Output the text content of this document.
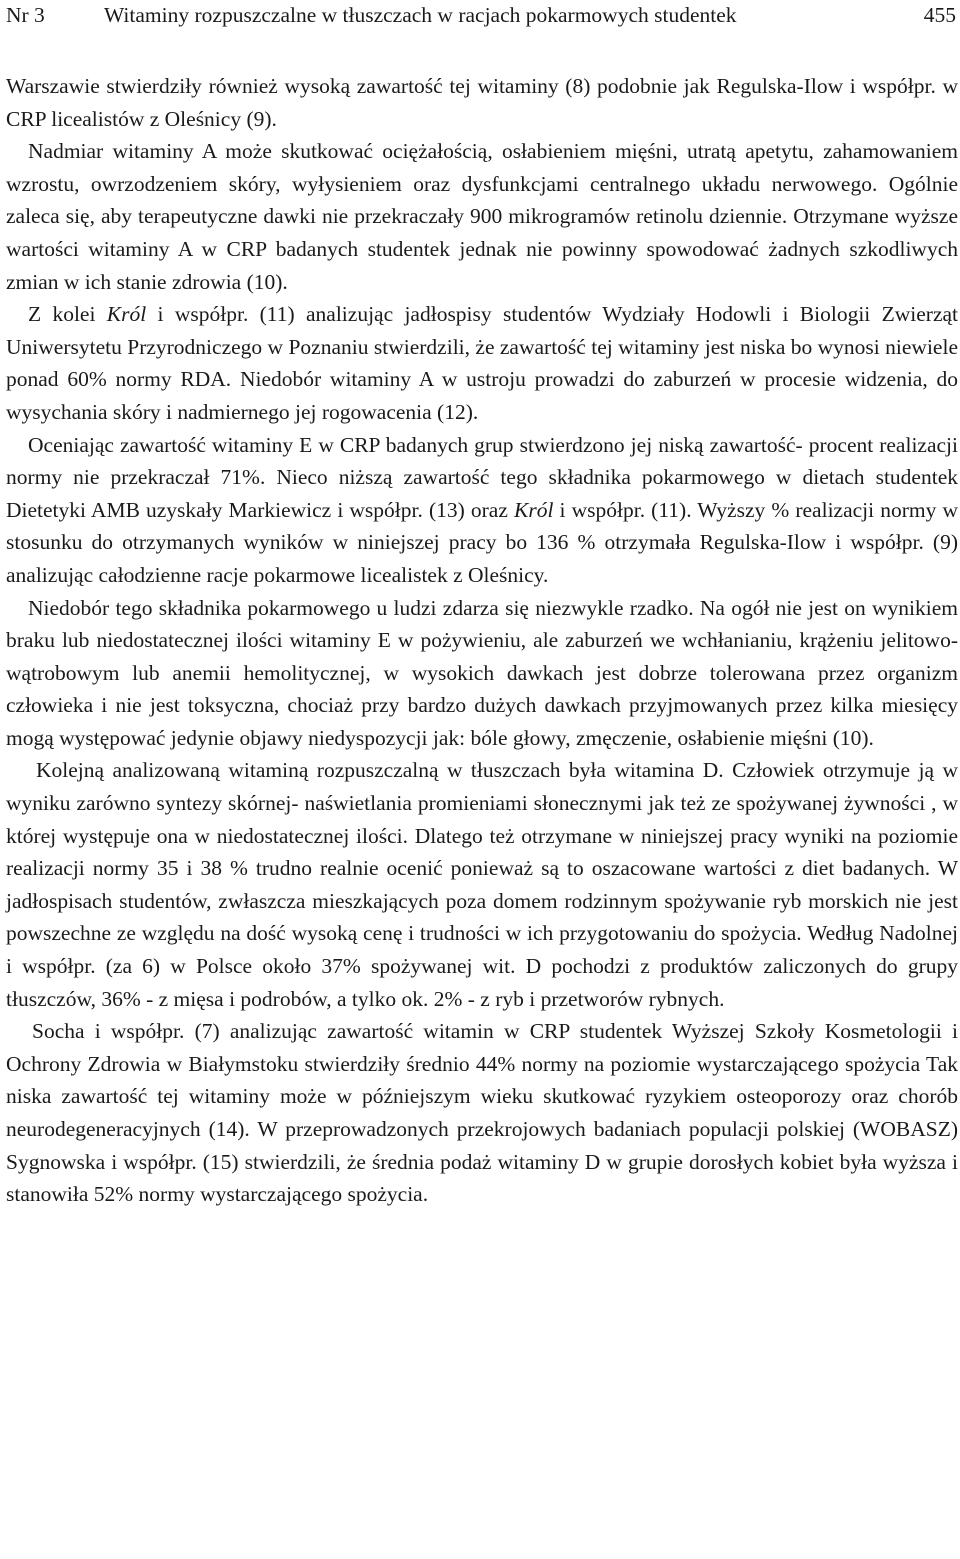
Nr 3	Witaminy rozpuszczalne w tłuszczach w racjach pokarmowych studentek	455

Warszawie stwierdziły również wysoką zawartość tej witaminy (8) podobnie jak Regulska-Ilow i współpr. w CRP licealistów z Oleśnicy (9).

Nadmiar witaminy A może skutkować ociężałością, osłabieniem mięśni, utratą apetytu, zahamowaniem wzrostu, owrzodzeniem skóry, wyłysieniem oraz dysfunkcjami centralnego układu nerwowego. Ogólnie zaleca się, aby terapeutyczne dawki nie przekraczały 900 mikrogramów retinolu dziennie. Otrzymane wyższe wartości witaminy A w CRP badanych studentek jednak nie powinny spowodować żadnych szkodliwych zmian w ich stanie zdrowia (10).

Z kolei Król i współpr. (11) analizując jadłospisy studentów Wydziały Hodowli i Biologii Zwierząt Uniwersytetu Przyrodniczego w Poznaniu stwierdzili, że zawartość tej witaminy jest niska bo wynosi niewiele ponad 60% normy RDA. Niedobór witaminy A w ustroju prowadzi do zaburzeń w procesie widzenia, do wysychania skóry i nadmiernego jej rogowacenia (12).

Oceniając zawartość witaminy E w CRP badanych grup stwierdzono jej niską zawartość- procent realizacji normy nie przekraczał 71%. Nieco niższą zawartość tego składnika pokarmowego w dietach studentek Dietetyki AMB uzyskały Markiewicz i współpr. (13) oraz Król i współpr. (11). Wyższy % realizacji normy w stosunku do otrzymanych wyników w niniejszej pracy bo 136 % otrzymała Regulska-Ilow i współpr. (9) analizując całodzienne racje pokarmowe licealistek z Oleśnicy.

Niedobór tego składnika pokarmowego u ludzi zdarza się niezwykle rzadko. Na ogół nie jest on wynikiem braku lub niedostatecznej ilości witaminy E w pożywieniu, ale zaburzeń we wchłanianiu, krążeniu jelitowo-wątrobowym lub anemii hemolitycznej, w wysokich dawkach jest dobrze tolerowana przez organizm człowieka i nie jest toksyczna, chociaż przy bardzo dużych dawkach przyjmowanych przez kilka miesięcy mogą występować jedynie objawy niedyspozycji jak: bóle głowy, zmęczenie, osłabienie mięśni (10).

Kolejną analizowaną witaminą rozpuszczalną w tłuszczach była witamina D. Człowiek otrzymuje ją w wyniku zarówno syntezy skórnej- naświetlania promieniami słonecznymi jak też ze spożywanej żywności , w której występuje ona w niedostatecznej ilości. Dlatego też otrzymane w niniejszej pracy wyniki na poziomie realizacji normy 35 i 38 % trudno realnie ocenić ponieważ są to oszacowane wartości z diet badanych. W jadłospisach studentów, zwłaszcza mieszkających poza domem rodzinnym spożywanie ryb morskich nie jest powszechne ze względu na dość wysoką cenę i trudności w ich przygotowaniu do spożycia. Według Nadolnej i współpr. (za 6) w Polsce około 37% spożywanej wit. D pochodzi z produktów zaliczonych do grupy tłuszczów, 36% - z mięsa i podrobów, a tylko ok. 2% - z ryb i przetworów rybnych.

Socha i współpr. (7) analizując zawartość witamin w CRP studentek Wyższej Szkoły Kosmetologii i Ochrony Zdrowia w Białymstoku stwierdziły średnio 44% normy na poziomie wystarczającego spożycia Tak niska zawartość tej witaminy może w późniejszym wieku skutkować ryzykiem osteoporozy oraz chorób neurodegeneracyjnych (14). W przeprowadzonych przekrojowych badaniach populacji polskiej (WOBASZ) Sygnowska i współpr. (15) stwierdzili, że średnia podaż witaminy D w grupie dorosłych kobiet była wyższa i stanowiła 52% normy wystarczającego spożycia.
